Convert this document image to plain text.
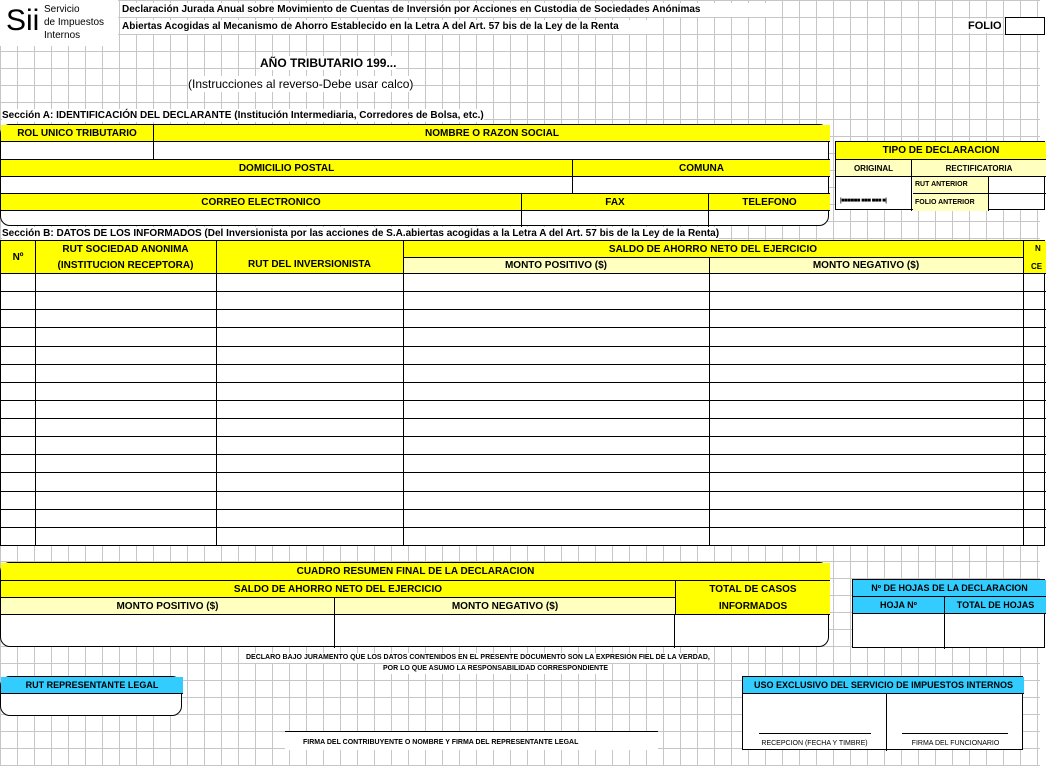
Sii Servicio
de Impuestos
Internos
Declaración Jurada Anual sobre Movimiento de Cuentas de Inversión por Acciones en Custodia de Sociedades Anónimas
Abiertas Acogidas al Mecanismo de Ahorro Establecido en la Letra A del Art. 57 bis de la Ley de la Renta	FOLIO
AÑO TRIBUTARIO 199...
(Instrucciones al reverso-Debe usar calco)
Sección A: IDENTIFICACIÓN DEL DECLARANTE (Institución Intermediaria, Corredores de Bolsa, etc.)
ROL UNICO TRIBUTARIO	NOMBRE O RAZON SOCIAL
DOMICILIO POSTAL	COMUNA
CORREO ELECTRONICO	FAX	TELEFONO
TIPO DE DECLARACION
ORIGINAL	RECTIFICATORIA
|■■■■■■ ■■■ ■■■ ■|
RUT ANTERIOR
FOLIO ANTERIOR
Sección B: DATOS DE LOS INFORMADOS (Del Inversionista por las acciones de S.A.abiertas acogidas a la Letra A del Art. 57 bis de la Ley de la Renta)
Nº
RUT SOCIEDAD ANONIMA
(INSTITUCION RECEPTORA)	RUT DEL INVERSIONISTA
SALDO DE AHORRO NETO DEL EJERCICIO
MONTO POSITIVO ($)	MONTO NEGATIVO ($)
N
CE
CUADRO RESUMEN FINAL DE LA DECLARACION
SALDO DE AHORRO NETO DEL EJERCICIO
MONTO POSITIVO ($)	MONTO NEGATIVO ($)
TOTAL DE CASOS
INFORMADOS
Nº DE HOJAS DE LA DECLARACION
HOJA Nº	TOTAL DE HOJAS
DECLARO BAJO JURAMENTO QUE LOS DATOS CONTENIDOS EN EL PRESENTE DOCUMENTO SON LA EXPRESION FIEL DE LA VERDAD,
POR LO QUE ASUMO LA RESPONSABILIDAD CORRESPONDIENTE
RUT REPRESENTANTE LEGAL
FIRMA DEL CONTRIBUYENTE O NOMBRE Y FIRMA DEL REPRESENTANTE LEGAL
USO EXCLUSIVO DEL SERVICIO DE IMPUESTOS INTERNOS
RECEPCION (FECHA Y TIMBRE)	FIRMA DEL FUNCIONARIO
